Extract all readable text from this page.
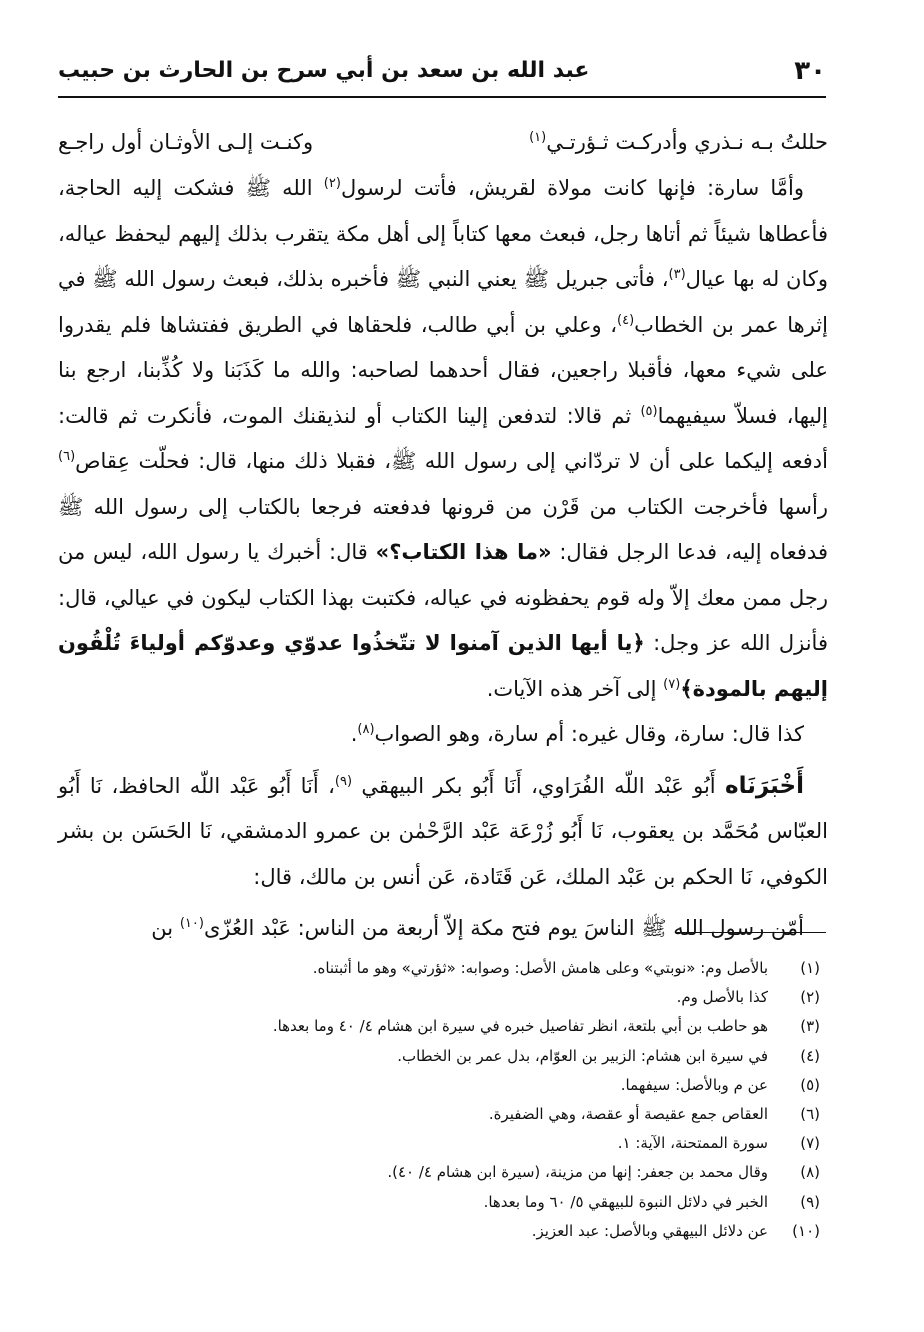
٣٠
عبد الله بن سعد بن أبي سرح بن الحارث بن حبيب
حللتُ بـه نـذري وأدركـت ثـؤرتـي$^{(١)}$
وكنـت إلـى الأوثـان أول راجـع

وأمَّا سارة: فإنها كانت مولاة لقريش، فأتت لرسول$^{(٢)}$ الله ﷺ فشكت إليه الحاجة، فأعطاها شيئاً ثم أتاها رجل، فبعث معها كتاباً إلى أهل مكة يتقرب بذلك إليهم ليحفظ عياله، وكان له بها عيال$^{(٣)}$، فأتى جبريل ﷺ يعني النبي ﷺ فأخبره بذلك، فبعث رسول الله ﷺ في إثرها عمر بن الخطاب$^{(٤)}$، وعلي بن أبي طالب، فلحقاها في الطريق ففتشاها فلم يقدروا على شيء معها، فأقبلا راجعين، فقال أحدهما لصاحبه: والله ما كَذَبَنا ولا كُذِّبنا، ارجع بنا إليها، فسلاّ سيفيهما$^{(٥)}$ ثم قالا: لتدفعن إلينا الكتاب أو لنذيقنك الموت، فأنكرت ثم قالت: أدفعه إليكما على أن لا تردّاني إلى رسول الله ﷺ، فقبلا ذلك منها، قال: فحلّت عِقاص$^{(٦)}$ رأسها فأخرجت الكتاب من قَرْن من قرونها فدفعته فرجعا بالكتاب إلى رسول الله ﷺ فدفعاه إليه، فدعا الرجل فقال: «ما هذا الكتاب؟» قال: أخبرك يا رسول الله، ليس من رجل ممن معك إلاّ وله قوم يحفظونه في عياله، فكتبت بهذا الكتاب ليكون في عيالي، قال: فأنزل الله عز وجل: ﴿يا أيها الذين آمنوا لا تتّخذُوا عدوّي وعدوّكم أولياءَ تُلْقُون إليهم بالمودة﴾$^{(٧)}$ إلى آخر هذه الآيات.

كذا قال: سارة، وقال غيره: أم سارة، وهو الصواب$^{(٨)}$.

أَخْبَرَنَاه أَبُو عَبْد اللّه الفُرَاوي، أَنَا أَبُو بكر البيهقي $^{(٩)}$، أَنَا أَبُو عَبْد اللّه الحافظ، نَا أَبُو العبّاس مُحَمَّد بن يعقوب، نَا أَبُو زُرْعَة عَبْد الرَّحْمٰن بن عمرو الدمشقي، نَا الحَسَن بن بشر الكوفي، نَا الحكم بن عَبْد الملك، عَن قَتَادة، عَن أنس بن مالك، قال:

أمّن رسول الله ﷺ الناسَ يوم فتح مكة إلاّ أربعة من الناس: عَبْد العُزّى$^{(١٠)}$ بن

(١)
بالأصل وم: «نوبتي» وعلى هامش الأصل: وصوابه: «ثؤرتي» وهو ما أثبتناه.
(٢)
كذا بالأصل وم.
(٣)
هو حاطب بن أبي بلتعة، انظر تفاصيل خبره في سيرة ابن هشام ٤/ ٤٠ وما بعدها.
(٤)
في سيرة ابن هشام: الزبير بن العوّام، بدل عمر بن الخطاب.
(٥)
عن م وبالأصل: سيفهما.
(٦)
العقاص جمع عقيصة أو عقصة، وهي الضفيرة.
(٧)
سورة الممتحنة، الآية: ١.
(٨)
وقال محمد بن جعفر: إنها من مزينة، (سيرة ابن هشام ٤/ ٤٠).
(٩)
الخبر في دلائل النبوة للبيهقي ٥/ ٦٠ وما بعدها.
(١٠)
عن دلائل البيهقي وبالأصل: عبد العزيز.
